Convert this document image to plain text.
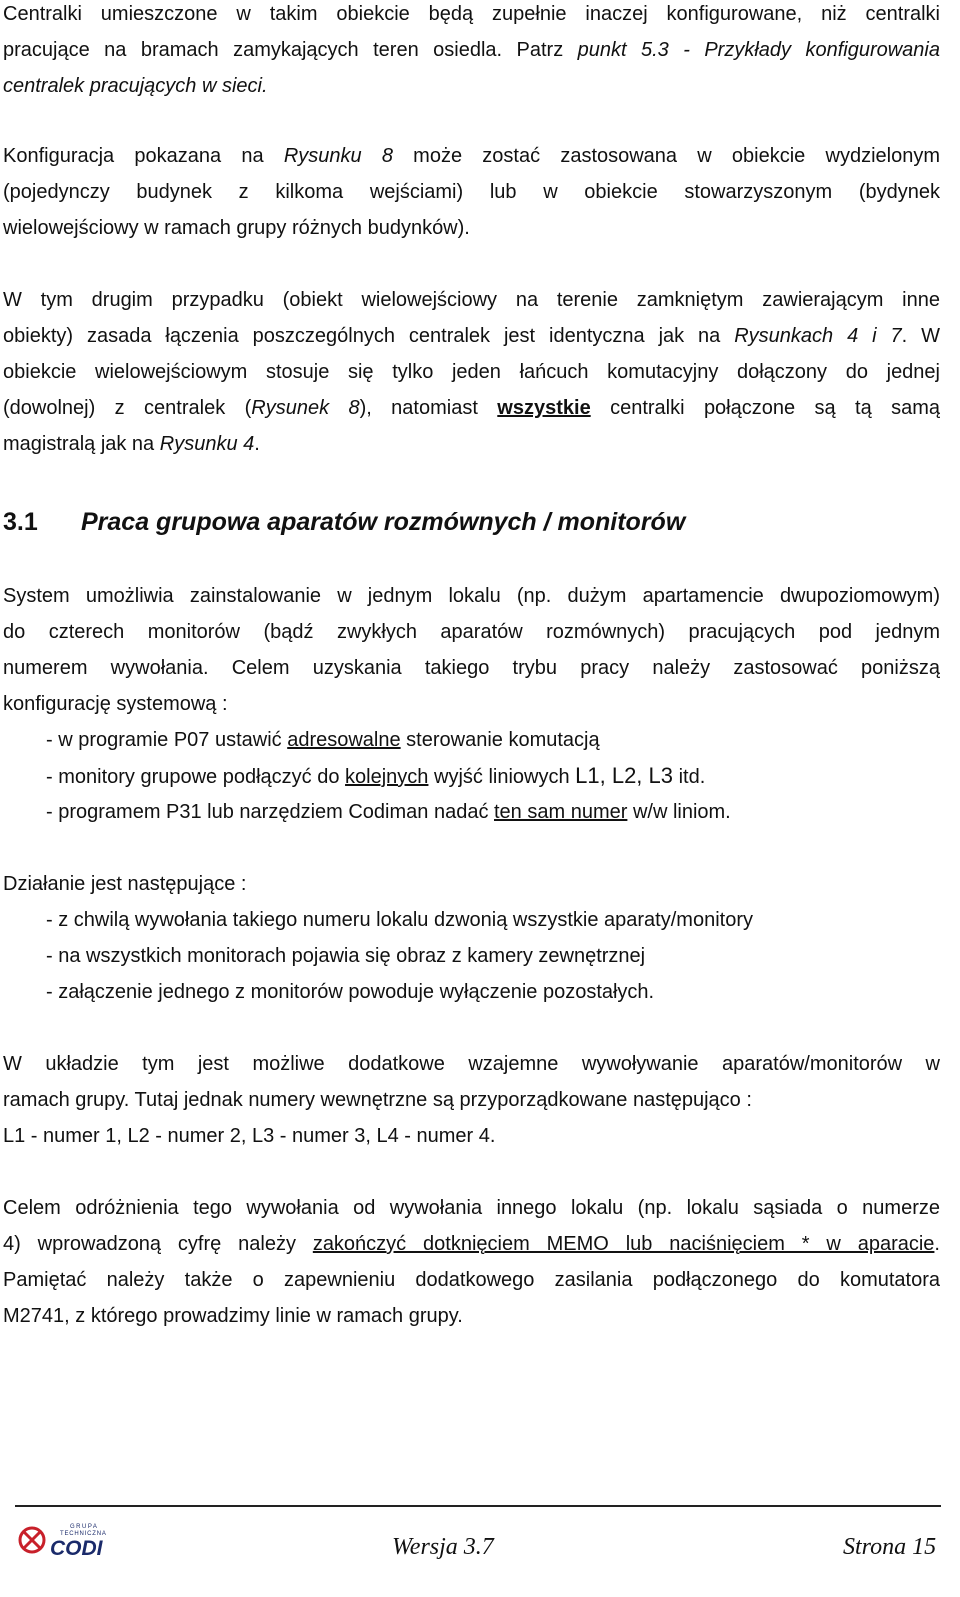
Centralki umieszczone w takim obiekcie będą zupełnie inaczej konfigurowane, niż centralki
pracujące na bramach zamykających teren osiedla. Patrz punkt 5.3 - Przykłady konfigurowania
centralek pracujących w sieci.
Konfiguracja pokazana na Rysunku 8 może zostać zastosowana w obiekcie wydzielonym
(pojedynczy budynek z kilkoma wejściami) lub w obiekcie stowarzyszonym (bydynek
wielowejściowy w ramach grupy różnych budynków).
W tym drugim przypadku (obiekt wielowejściowy na terenie zamkniętym zawierającym inne
obiekty) zasada łączenia poszczególnych centralek jest identyczna jak na Rysunkach 4 i 7. W
obiekcie wielowejściowym stosuje się tylko jeden łańcuch komutacyjny dołączony do jednej
(dowolnej) z centralek (Rysunek 8), natomiast wszystkie centralki połączone są tą samą
magistralą jak na Rysunku 4.
3.1 Praca grupowa aparatów rozmównych / monitorów
System umożliwia zainstalowanie w jednym lokalu (np. dużym apartamencie dwupoziomowym)
do czterech monitorów (bądź zwykłych aparatów rozmównych) pracujących pod jednym
numerem wywołania. Celem uzyskania takiego trybu pracy należy zastosować poniższą
konfigurację systemową :
- w programie P07 ustawić adresowalne sterowanie komutacją
- monitory grupowe podłączyć do kolejnych wyjść liniowych L1, L2, L3 itd.
- programem P31 lub narzędziem Codiman nadać ten sam numer w/w liniom.
Działanie jest następujące :
- z chwilą wywołania takiego numeru lokalu dzwonią wszystkie aparaty/monitory
- na wszystkich monitorach pojawia się obraz z kamery zewnętrznej
- załączenie jednego z monitorów powoduje wyłączenie pozostałych.
W układzie tym jest możliwe dodatkowe wzajemne wywoływanie aparatów/monitorów w
ramach grupy. Tutaj jednak numery wewnętrzne są przyporządkowane następująco :
L1 - numer 1, L2 - numer 2, L3 - numer 3, L4 - numer 4.
Celem odróżnienia tego wywołania od wywołania innego lokalu (np. lokalu sąsiada o numerze
4) wprowadzoną cyfrę należy zakończyć dotknięciem MEMO lub naciśnięciem * w aparacie.
Pamiętać należy także o zapewnieniu dodatkowego zasilania podłączonego do komutatora
M2741, z którego prowadzimy linie w ramach grupy.
GRUPA
TECHNICZNA
CODI	Wersja 3.7	Strona 15
